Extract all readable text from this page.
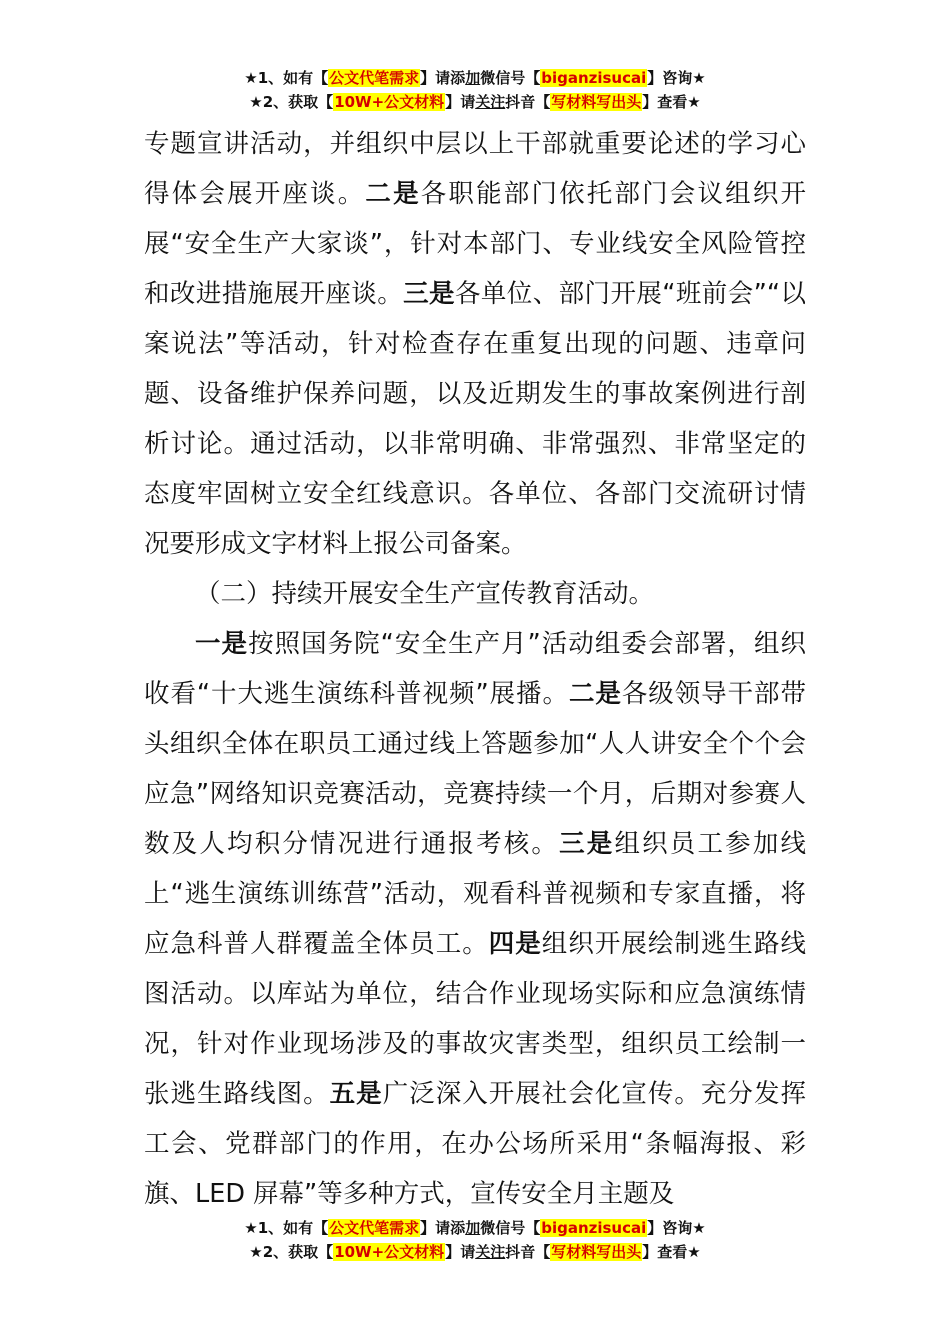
★1、如有【公文代笔需求】请添加微信号【biganzisucai】咨询★
★2、获取【10W+公文材料】请关注抖音【写材料写出头】查看★

专题宣讲活动，并组织中层以上干部就重要论述的学习心得体会展开座谈。二是各职能部门依托部门会议组织开展“安全生产大家谈”，针对本部门、专业线安全风险管控和改进措施展开座谈。三是各单位、部门开展“班前会”“以案说法”等活动，针对检查存在重复出现的问题、违章问题、设备维护保养问题，以及近期发生的事故案例进行剖析讨论。通过活动，以非常明确、非常强烈、非常坚定的态度牢固树立安全红线意识。各单位、各部门交流研讨情况要形成文字材料上报公司备案。

（二）持续开展安全生产宣传教育活动。

一是按照国务院“安全生产月”活动组委会部署，组织收看“十大逃生演练科普视频”展播。二是各级领导干部带头组织全体在职员工通过线上答题参加“人人讲安全个个会应急”网络知识竞赛活动，竞赛持续一个月，后期对参赛人数及人均积分情况进行通报考核。三是组织员工参加线上“逃生演练训练营”活动，观看科普视频和专家直播，将应急科普人群覆盖全体员工。四是组织开展绘制逃生路线图活动。以库站为单位，结合作业现场实际和应急演练情况，针对作业现场涉及的事故灾害类型，组织员工绘制一张逃生路线图。五是广泛深入开展社会化宣传。充分发挥工会、党群部门的作用，在办公场所采用“条幅海报、彩旗、LED 屏幕”等多种方式，宣传安全月主题及

★1、如有【公文代笔需求】请添加微信号【biganzisucai】咨询★
★2、获取【10W+公文材料】请关注抖音【写材料写出头】查看★
